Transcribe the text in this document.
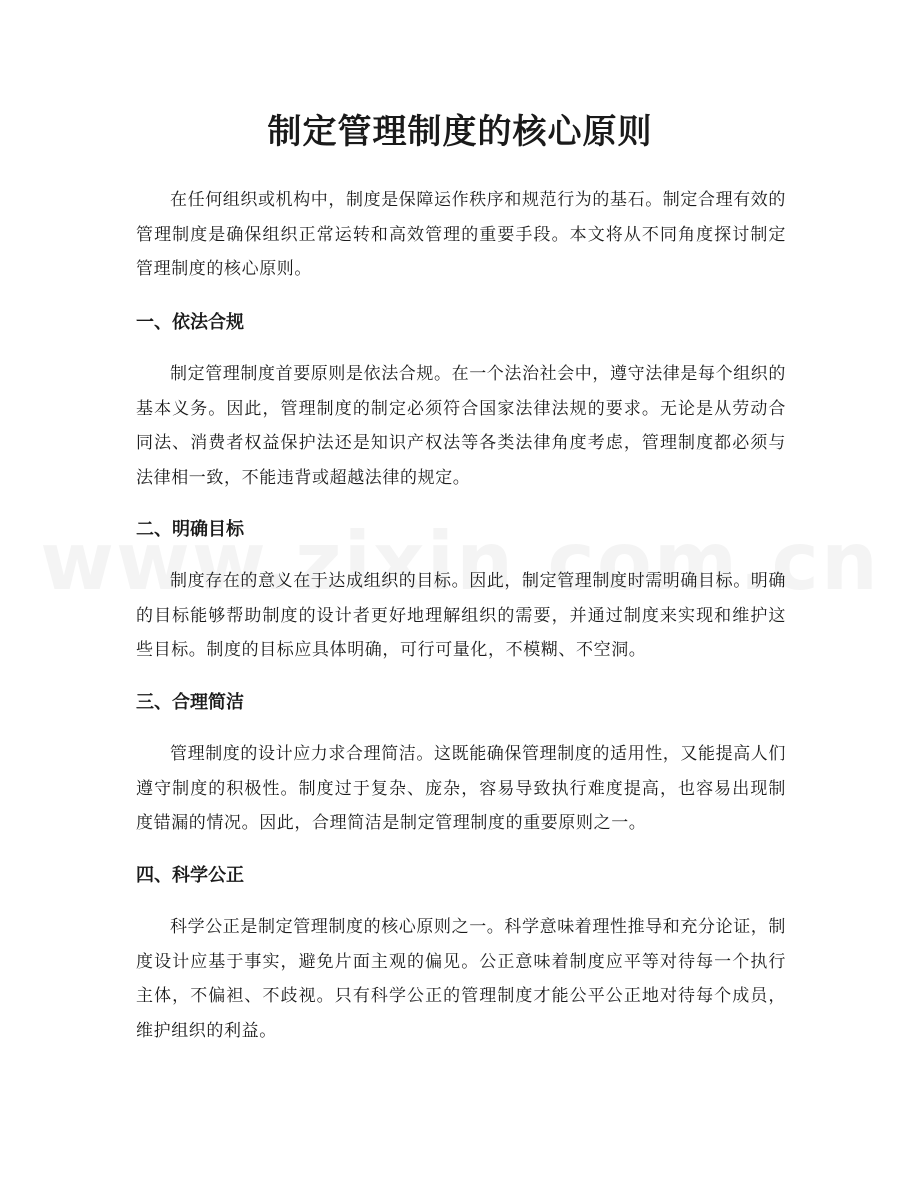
制定管理制度的核心原则

在任何组织或机构中，制度是保障运作秩序和规范行为的基石。制定合理有效的管理制度是确保组织正常运转和高效管理的重要手段。本文将从不同角度探讨制定管理制度的核心原则。

一、依法合规

制定管理制度首要原则是依法合规。在一个法治社会中，遵守法律是每个组织的基本义务。因此，管理制度的制定必须符合国家法律法规的要求。无论是从劳动合同法、消费者权益保护法还是知识产权法等各类法律角度考虑，管理制度都必须与法律相一致，不能违背或超越法律的规定。

二、明确目标

制度存在的意义在于达成组织的目标。因此，制定管理制度时需明确目标。明确的目标能够帮助制度的设计者更好地理解组织的需要，并通过制度来实现和维护这些目标。制度的目标应具体明确，可行可量化，不模糊、不空洞。

三、合理简洁

管理制度的设计应力求合理简洁。这既能确保管理制度的适用性，又能提高人们遵守制度的积极性。制度过于复杂、庞杂，容易导致执行难度提高，也容易出现制度错漏的情况。因此，合理简洁是制定管理制度的重要原则之一。

四、科学公正

科学公正是制定管理制度的核心原则之一。科学意味着理性推导和充分论证，制度设计应基于事实，避免片面主观的偏见。公正意味着制度应平等对待每一个执行主体，不偏袒、不歧视。只有科学公正的管理制度才能公平公正地对待每个成员，维护组织的利益。
